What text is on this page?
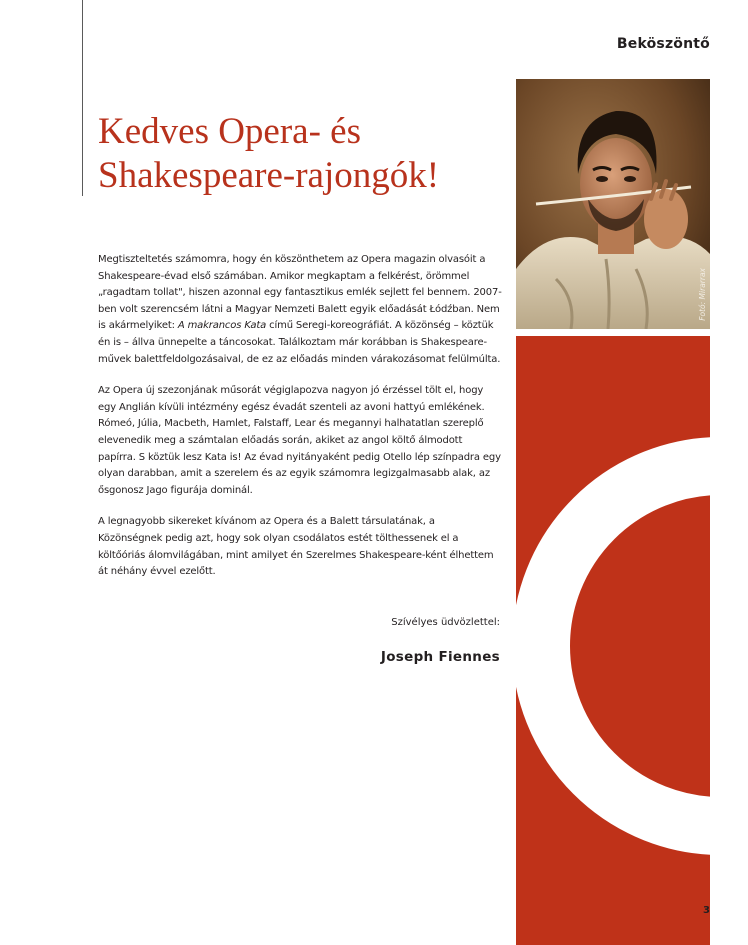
Beköszöntő
Kedves Opera- és
Shakespeare-rajongók!

Megtiszteltetés számomra, hogy én köszönthetem az Opera magazin olvasóit a Shakespeare-évad első számában. Amikor megkaptam a felkérést, örömmel „ragadtam tollat", hiszen azonnal egy fantasztikus emlék sejlett fel bennem. 2007-ben volt szerencsém látni a Magyar Nemzeti Balett egyik előadását Łódźban. Nem is akármelyiket: A makrancos Kata című Seregi-koreográfiát. A közönség – köztük én is – állva ünnepelte a táncosokat. Találkoztam már korábban is Shakespeare-művek balettfeldolgozásaival, de ez az előadás minden várakozásomat felülmúlta.

Az Opera új szezonjának műsorát végiglapozva nagyon jó érzéssel tölt el, hogy egy Anglián kívüli intézmény egész évadát szenteli az avoni hattyú emlékének. Rómeó, Júlia, Macbeth, Hamlet, Falstaff, Lear és megannyi halhatatlan szereplő elevenedik meg a számtalan előadás során, akiket az angol költő álmodott papírra. S köztük lesz Kata is! Az évad nyitányaként pedig Otello lép színpadra egy olyan darabban, amit a szerelem és az egyik számomra legizgalmasabb alak, az ősgonosz Jago figurája dominál.

A legnagyobb sikereket kívánom az Opera és a Balett társulatának, a Közönségnek pedig azt, hogy sok olyan csodálatos estét tölthessenek el a költőóriás álomvilágában, mint amilyet én Szerelmes Shakespeare-ként élhettem át néhány évvel ezelőtt.

Szívélyes üdvözlettel:
Joseph Fiennes
Fotó: Mirarrax
3
